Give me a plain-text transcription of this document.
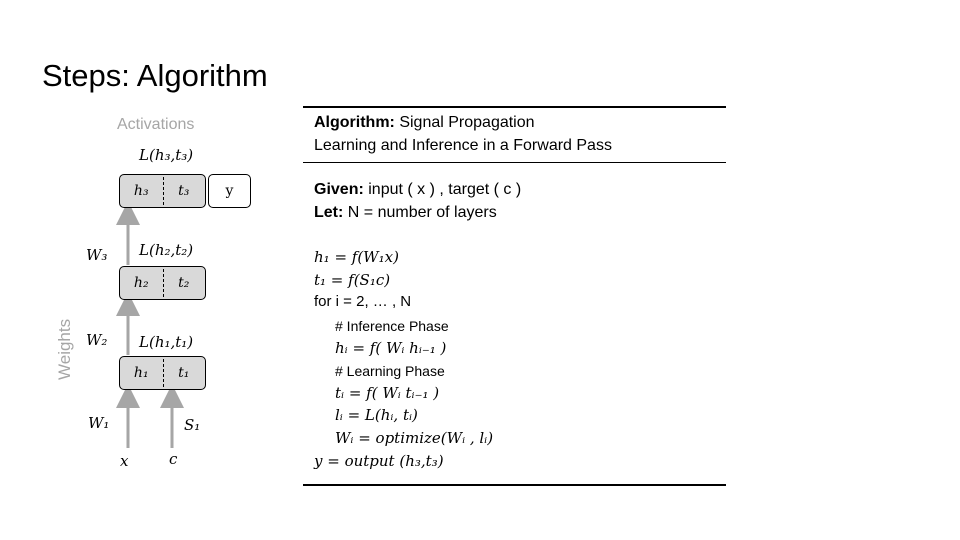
Steps: Algorithm
Activations
Weights
L(h₃,t₃)
L(h₂,t₂)
L(h₁,t₁)
W₃
W₂
W₁	S₁
x	c
h₃	t₃	y
h₂	t₂
h₁	t₁
Algorithm: Signal Propagation
Learning and Inference in a Forward Pass
Given: input ( x ) , target ( c )
Let: N = number of layers
h₁ = f(W₁x)
t₁ = f(S₁c)
for i = 2, … , N
# Inference Phase
hᵢ = f( Wᵢ hᵢ₋₁ )
# Learning Phase
tᵢ = f( Wᵢ tᵢ₋₁ )
lᵢ = L(hᵢ, tᵢ)
Wᵢ = optimize(Wᵢ , lᵢ)
y = output (h₃,t₃)
